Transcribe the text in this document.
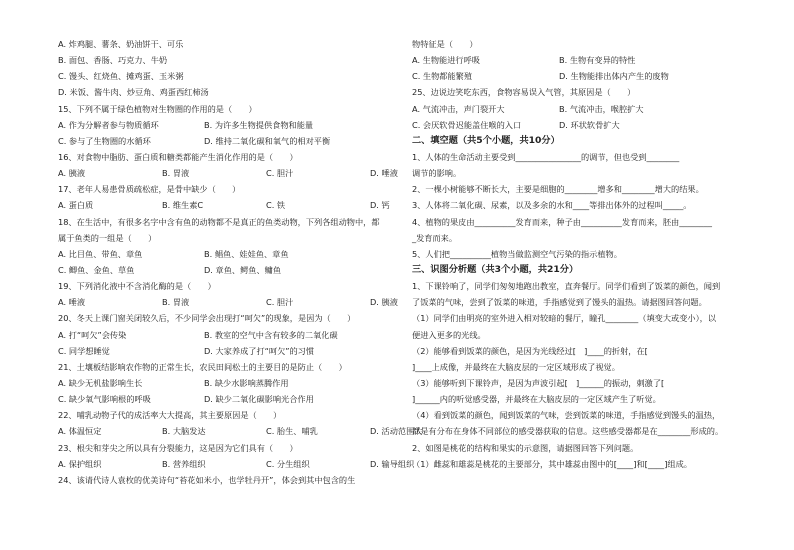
A. 炸鸡腿、薯条、奶油饼干、可乐
B. 面包、香肠、巧克力、牛奶
C. 馒头、红烧鱼、摊鸡蛋、玉米粥
D. 米饭、酱牛肉、炒豆角、鸡蛋西红柿汤
15、下列不属于绿色植物对生物圈的作用的是（　　）
A. 作为分解者参与物质循环	B. 为许多生物提供食物和能量
C. 参与了生物圈的水循环	D. 维持二氧化碳和氧气的相对平衡
16、对食物中脂肪、蛋白质和糖类都能产生消化作用的是（　　）
A. 胰液	B. 胃液	C. 胆汁	D. 唾液
17、老年人易患骨质疏松症，是骨中缺少（　　）
A. 蛋白质	B. 维生素C	C. 铁	D. 钙
18、在生活中，有很多名字中含有鱼的动物都不是真正的鱼类动物，下列各组动物中，都
属于鱼类的一组是（　　）
A. 比目鱼、带鱼、章鱼	B. 鲳鱼、娃娃鱼、章鱼
C. 鲫鱼、金鱼、草鱼	D. 章鱼、鳄鱼、鳙鱼
19、下列消化液中不含消化酶的是（　　）
A. 唾液	B. 胃液	C. 胆汁	D. 胰液
20、冬天上课门窗关闭较久后，不少同学会出现打“呵欠”的现象，是因为（　　）
A. 打“呵欠”会传染	B. 教室的空气中含有较多的二氧化碳
C. 同学想睡觉	D. 大家养成了打“呵欠”的习惯
21、土壤板结影响农作物的正常生长，农民田间松土的主要目的是防止（　　）
A. 缺少无机盐影响生长	B. 缺少水影响蒸腾作用
C. 缺少氧气影响根的呼吸	D. 缺少二氧化碳影响光合作用
22、哺乳动物子代的成活率大大提高，其主要原因是（　　）
A. 体温恒定	B. 大脑发达	C. 胎生、哺乳	D. 活动范围大
23、根尖和芽尖之所以具有分裂能力，这是因为它们具有（　　）
A. 保护组织	B. 营养组织	C. 分生组织	D. 输导组织
24、该请代诗人袁枚的优美诗句“苔花如米小，也学牡丹开”，体会到其中包含的生
物特征是（　　）
A. 生物能进行呼吸	B. 生物有变异的特性
C. 生物都能繁殖	D. 生物能排出体内产生的废物
25、边说边笑吃东西，食物容易误入气管，其原因是（　　）
A. 气流冲击，声门裂开大	B. 气流冲击，喉腔扩大
C. 会厌软骨迟能盖住喉的入口	D. 环状软骨扩大
二、填空题（共5个小题，共10分）
1、人体的生命活动主要受到________________的调节，但也受到________
调节的影响。
2、一棵小树能够不断长大，主要是细胞的________增多和________增大的结果。
3、人体将二氧化碳、尿素，以及多余的水和____等排出体外的过程叫_____。
4、植物的果皮由__________发育而来，种子由__________发育而来，胚由________
_发育而来。
5、人们把__________植物当做监测空气污染的指示植物。
三、识图分析题（共3个小题，共21分）
1、下课铃响了，同学们匆匆地跑出教室，直奔餐厅。同学们看到了饭菜的颜色，闻到
了饭菜的气味，尝到了饭菜的味道，手指感觉到了馒头的温热。请据图回答问题。
（1）同学们由明亮的室外进入相对较暗的餐厅，瞳孔________（填变大或变小），以
便进入更多的光线。
（2）能够看到饭菜的颜色，是因为光线经过[　]____的折射，在[
]____上成像，并最终在大脑皮层的一定区域形成了视觉。
（3）能够听到下课铃声，是因为声波引起[　]______的振动，刺激了[
]______内的听觉感受器，并最终在大脑皮层的一定区域产生了听觉。
（4）看到饭菜的颜色，闻到饭菜的气味，尝到饭菜的味道，手指感觉到馒头的温热，
都是有分布在身体不同部位的感受器获取的信息。这些感受器都是在________形成的。
2、如图是桃花的结构和果实的示意图，请据图回答下列问题。
（1）雌蕊和雄蕊是桃花的主要部分，其中雄蕊由图中的[____]和[____]组成。
